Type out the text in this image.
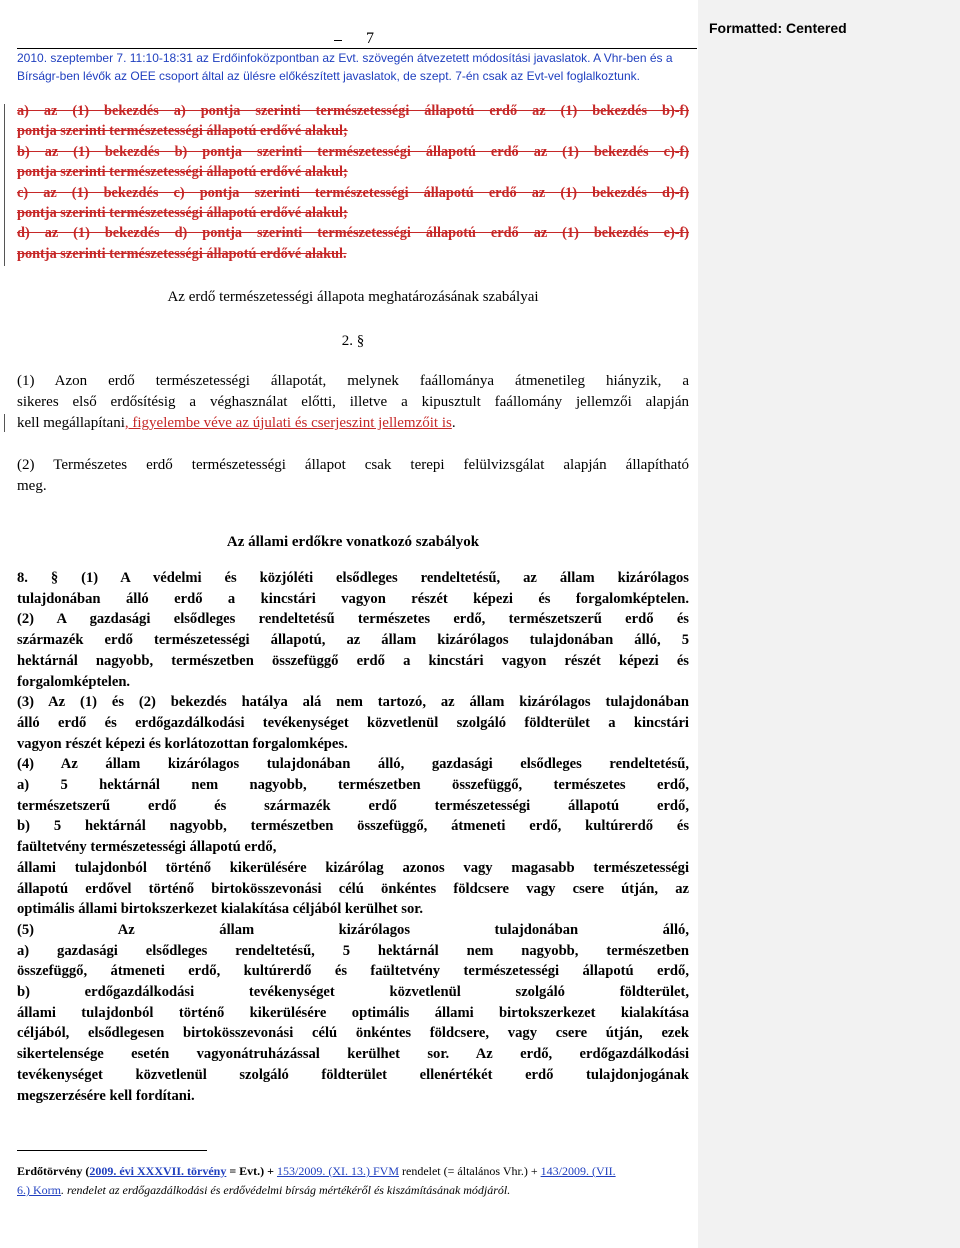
Formatted: Centered
7
2010. szeptember 7. 11:10-18:31 az Erdőinfoközpontban az Evt. szövegén átvezetett módosítási javaslatok. A Vhr-ben és a
Bírságr-ben lévők az OEE csoport által az ülésre előkészített javaslatok, de szept. 7-én csak az Evt-vel foglalkoztunk.
a) az (1) bekezdés a) pontja szerinti természetességi állapotú erdő az (1) bekezdés b)-f)
pontja szerinti természetességi állapotú erdővé alakul;
b) az (1) bekezdés b) pontja szerinti természetességi állapotú erdő az (1) bekezdés c)-f)
pontja szerinti természetességi állapotú erdővé alakul;
c) az (1) bekezdés c) pontja szerinti természetességi állapotú erdő az (1) bekezdés d)-f)
pontja szerinti természetességi állapotú erdővé alakul;
d) az (1) bekezdés d) pontja szerinti természetességi állapotú erdő az (1) bekezdés e)-f)
pontja szerinti természetességi állapotú erdővé alakul.
Az erdő természetességi állapota meghatározásának szabályai
2. §
(1) Azon erdő természetességi állapotát, melynek faállománya átmenetileg hiányzik, a
sikeres első erdősítésig a véghasználat előtti, illetve a kipusztult faállomány jellemzői alapján
kell megállapítani, figyelembe véve az újulati és cserjeszint jellemzőit is.
(2) Természetes erdő természetességi állapot csak terepi felülvizsgálat alapján állapítható
meg.
Az állami erdőkre vonatkozó szabályok
8. § (1) A védelmi és közjóléti elsődleges rendeltetésű, az állam kizárólagos
tulajdonában álló erdő a kincstári vagyon részét képezi és forgalomképtelen.
(2) A gazdasági elsődleges rendeltetésű természetes erdő, természetszerű erdő és
származék erdő természetességi állapotú, az állam kizárólagos tulajdonában álló, 5
hektárnál nagyobb, természetben összefüggő erdő a kincstári vagyon részét képezi és
forgalomképtelen.
(3) Az (1) és (2) bekezdés hatálya alá nem tartozó, az állam kizárólagos tulajdonában
álló erdő és erdőgazdálkodási tevékenységet közvetlenül szolgáló földterület a kincstári
vagyon részét képezi és korlátozottan forgalomképes.
(4) Az állam kizárólagos tulajdonában álló, gazdasági elsődleges rendeltetésű,
a) 5 hektárnál nem nagyobb, természetben összefüggő, természetes erdő,
természetszerű erdő és származék erdő természetességi állapotú erdő,
b) 5 hektárnál nagyobb, természetben összefüggő, átmeneti erdő, kultúrerdő és
faültetvény természetességi állapotú erdő,
állami tulajdonból történő kikerülésére kizárólag azonos vagy magasabb természetességi
állapotú erdővel történő birtokösszevonási célú önkéntes földcsere vagy csere útján, az
optimális állami birtokszerkezet kialakítása céljából kerülhet sor.
(5) Az állam kizárólagos tulajdonában álló,
a) gazdasági elsődleges rendeltetésű, 5 hektárnál nem nagyobb, természetben
összefüggő, átmeneti erdő, kultúrerdő és faültetvény természetességi állapotú erdő,
b) erdőgazdálkodási tevékenységet közvetlenül szolgáló földterület,
állami tulajdonból történő kikerülésére optimális állami birtokszerkezet kialakítása
céljából, elsődlegesen birtokösszevonási célú önkéntes földcsere, vagy csere útján, ezek
sikertelensége esetén vagyonátruházással kerülhet sor. Az erdő, erdőgazdálkodási
tevékenységet közvetlenül szolgáló földterület ellenértékét erdő tulajdonjogának
megszerzésére kell fordítani.
Erdőtörvény (2009. évi XXXVII. törvény = Evt.) + 153/2009. (XI. 13.) FVM rendelet (= általános Vhr.) + 143/2009. (VII.
6.) Korm. rendelet az erdőgazdálkodási és erdővédelmi bírság mértékéről és kiszámításának módjáról.
